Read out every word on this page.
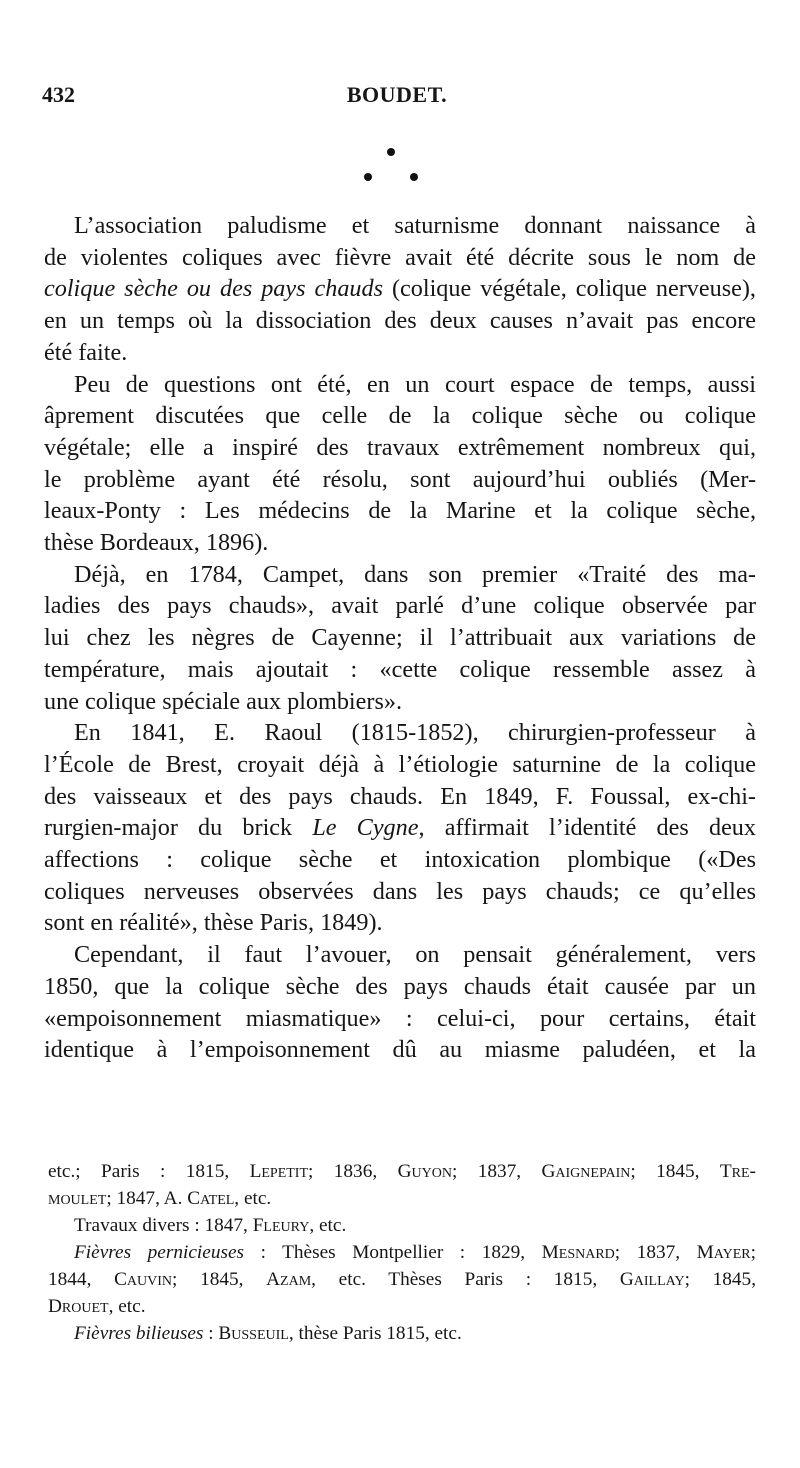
432	BOUDET.
L’association paludisme et saturnisme donnant naissance à
de violentes coliques avec fièvre avait été décrite sous le nom de
colique sèche ou des pays chauds (colique végétale, colique nerveuse),
en un temps où la dissociation des deux causes n’avait pas encore
été faite.
Peu de questions ont été, en un court espace de temps, aussi
âprement discutées que celle de la colique sèche ou colique
végétale; elle a inspiré des travaux extrêmement nombreux qui,
le problème ayant été résolu, sont aujourd’hui oubliés (Mer-
leaux-Ponty : Les médecins de la Marine et la colique sèche,
thèse Bordeaux, 1896).
Déjà, en 1784, Campet, dans son premier «Traité des ma-
ladies des pays chauds», avait parlé d’une colique observée par
lui chez les nègres de Cayenne; il l’attribuait aux variations de
température, mais ajoutait : «cette colique ressemble assez à
une colique spéciale aux plombiers».
En 1841, E. Raoul (1815-1852), chirurgien-professeur à
l’École de Brest, croyait déjà à l’étiologie saturnine de la colique
des vaisseaux et des pays chauds. En 1849, F. Foussal, ex-chi-
rurgien-major du brick Le Cygne, affirmait l’identité des deux
affections : colique sèche et intoxication plombique («Des
coliques nerveuses observées dans les pays chauds; ce qu’elles
sont en réalité», thèse Paris, 1849).
Cependant, il faut l’avouer, on pensait généralement, vers
1850, que la colique sèche des pays chauds était causée par un
«empoisonnement miasmatique» : celui-ci, pour certains, était
identique à l’empoisonnement dû au miasme paludéen, et la
etc.; Paris : 1815, Lepetit; 1836, Guyon; 1837, Gaignepain; 1845, Tre-
moulet; 1847, A. Catel, etc.
Travaux divers : 1847, Fleury, etc.
Fièvres pernicieuses : Thèses Montpellier : 1829, Mesnard; 1837, Mayer;
1844, Cauvin; 1845, Azam, etc. Thèses Paris : 1815, Gaillay; 1845,
Drouet, etc.
Fièvres bilieuses : Busseuil, thèse Paris 1815, etc.
